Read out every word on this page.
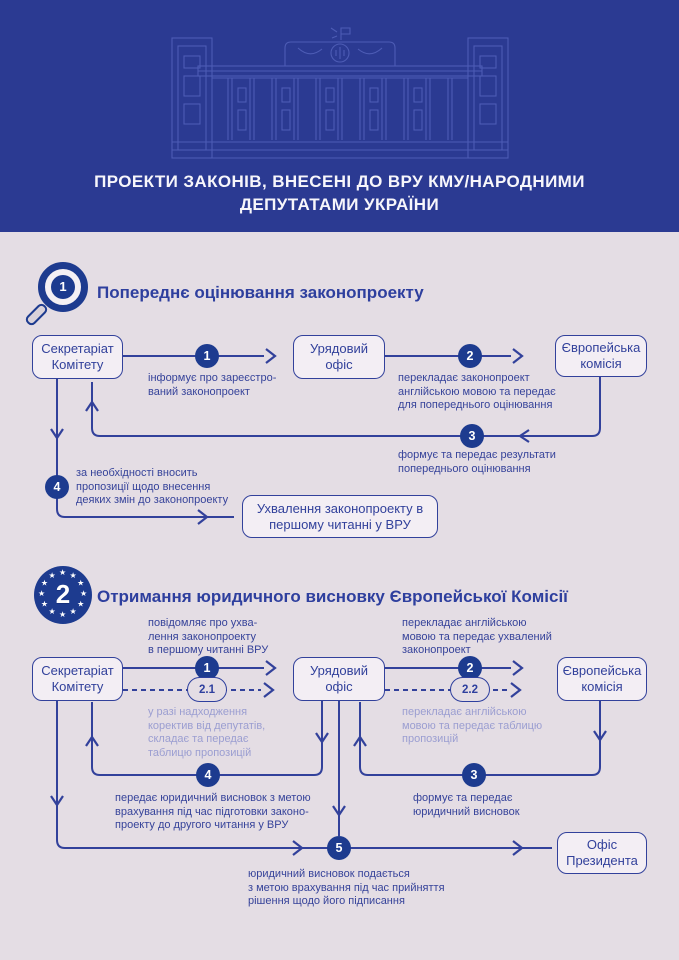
ПРОЕКТИ ЗАКОНІВ, ВНЕСЕНІ ДО ВРУ КМУ/НАРОДНИМИ
ДЕПУТАТАМИ УКРАЇНИ
1	Попереднє оцінювання законопроекту
Секретаріат
Комітету
Урядовий
офіс
Європейська
комісія
Ухвалення законопроекту в
першому читанні у ВРУ
1	2
3
4
інформує про зареєстро-
ваний законопроект
перекладає законопроект
англійською мовою та передає
для попереднього оцінювання
формує та передає результати
попереднього оцінювання
за необхідності вносить
пропозиції щодо внесення
деяких змін до законопроекту
2	Отримання юридичного висновку Європейської Комісії
Секретаріат
Комітету
Урядовий
офіс
Європейська
комісія
Офіс
Президента
1	2
2.1	2.2
3
4
5
повідомляє про ухва-
лення законопроекту
в першому читанні ВРУ
перекладає англійською
мовою та передає ухвалений
законопроект
у разі надходження
коректив від депутатів,
складає та передає
таблицю пропозицій
перекладає англійською
мовою та передає таблицю
пропозицій
формує та передає
юридичний висновок
передає юридичний висновок з метою
врахування під час підготовки законо-
проекту до другого читання у ВРУ
юридичний висновок подається
з метою врахування під час прийняття
рішення щодо його підписання
